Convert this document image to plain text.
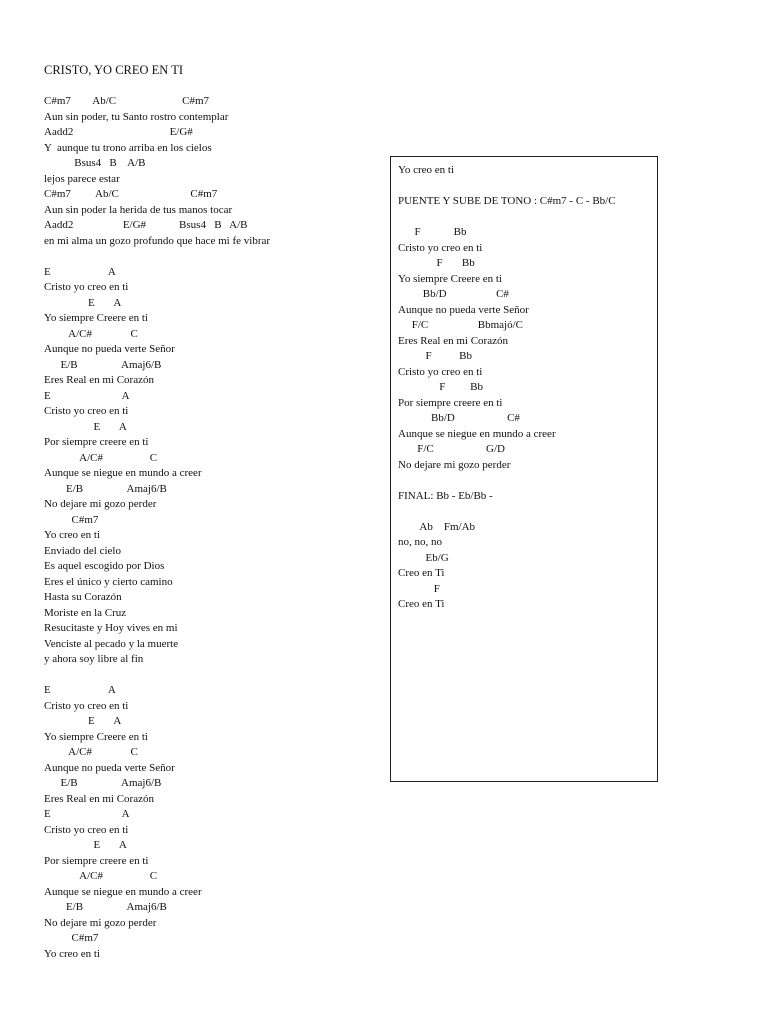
CRISTO, YO CREO EN TI
C#m7        Ab/C                        C#m7
Aun sin poder, tu Santo rostro contemplar
Aadd2                                   E/G#
Y  aunque tu trono arriba en los cielos
Bsus4   B    A/B
lejos parece estar
C#m7         Ab/C                          C#m7
Aun sin poder la herida de tus manos tocar
Aadd2                  E/G#            Bsus4   B   A/B
en mi alma un gozo profundo que hace mi fe vibrar
E                     A
Cristo yo creo en ti
E       A
Yo siempre Creere en ti
A/C#              C
Aunque no pueda verte Señor
E/B                Amaj6/B
Eres Real en mi Corazón
E                          A
Cristo yo creo en ti
E       A
Por siempre creere en ti
A/C#                 C
Aunque se niegue en mundo a creer
E/B                Amaj6/B
No dejare mi gozo perder
C#m7
Yo creo en ti
Enviado del cielo
Es aquel escogido por Dios
Eres el único y cierto camino
Hasta su Corazón
Moriste en la Cruz
Resucitaste y Hoy vives en mi
Venciste al pecado y la muerte
y ahora soy libre al fin
E                     A
Cristo yo creo en ti
E       A
Yo siempre Creere en ti
A/C#              C
Aunque no pueda verte Señor
E/B                Amaj6/B
Eres Real en mi Corazón
E                          A
Cristo yo creo en ti
E       A
Por siempre creere en ti
A/C#                 C
Aunque se niegue en mundo a creer
E/B                Amaj6/B
No dejare mi gozo perder
C#m7
Yo creo en ti
Yo creo en ti
PUENTE Y SUBE DE TONO : C#m7 - C - Bb/C
F            Bb
Cristo yo creo en ti
F       Bb
Yo siempre Creere en ti
Bb/D                  C#
Aunque no pueda verte Señor
F/C                  Bbmajó/C
Eres Real en mi Corazón
F          Bb
Cristo yo creo en ti
F         Bb
Por siempre creere en ti
Bb/D                   C#
Aunque se niegue en mundo a creer
F/C                   G/D
No dejare mi gozo perder
FINAL: Bb - Eb/Bb -
Ab    Fm/Ab
no, no, no
Eb/G
Creo en Ti
F
Creo en Ti
